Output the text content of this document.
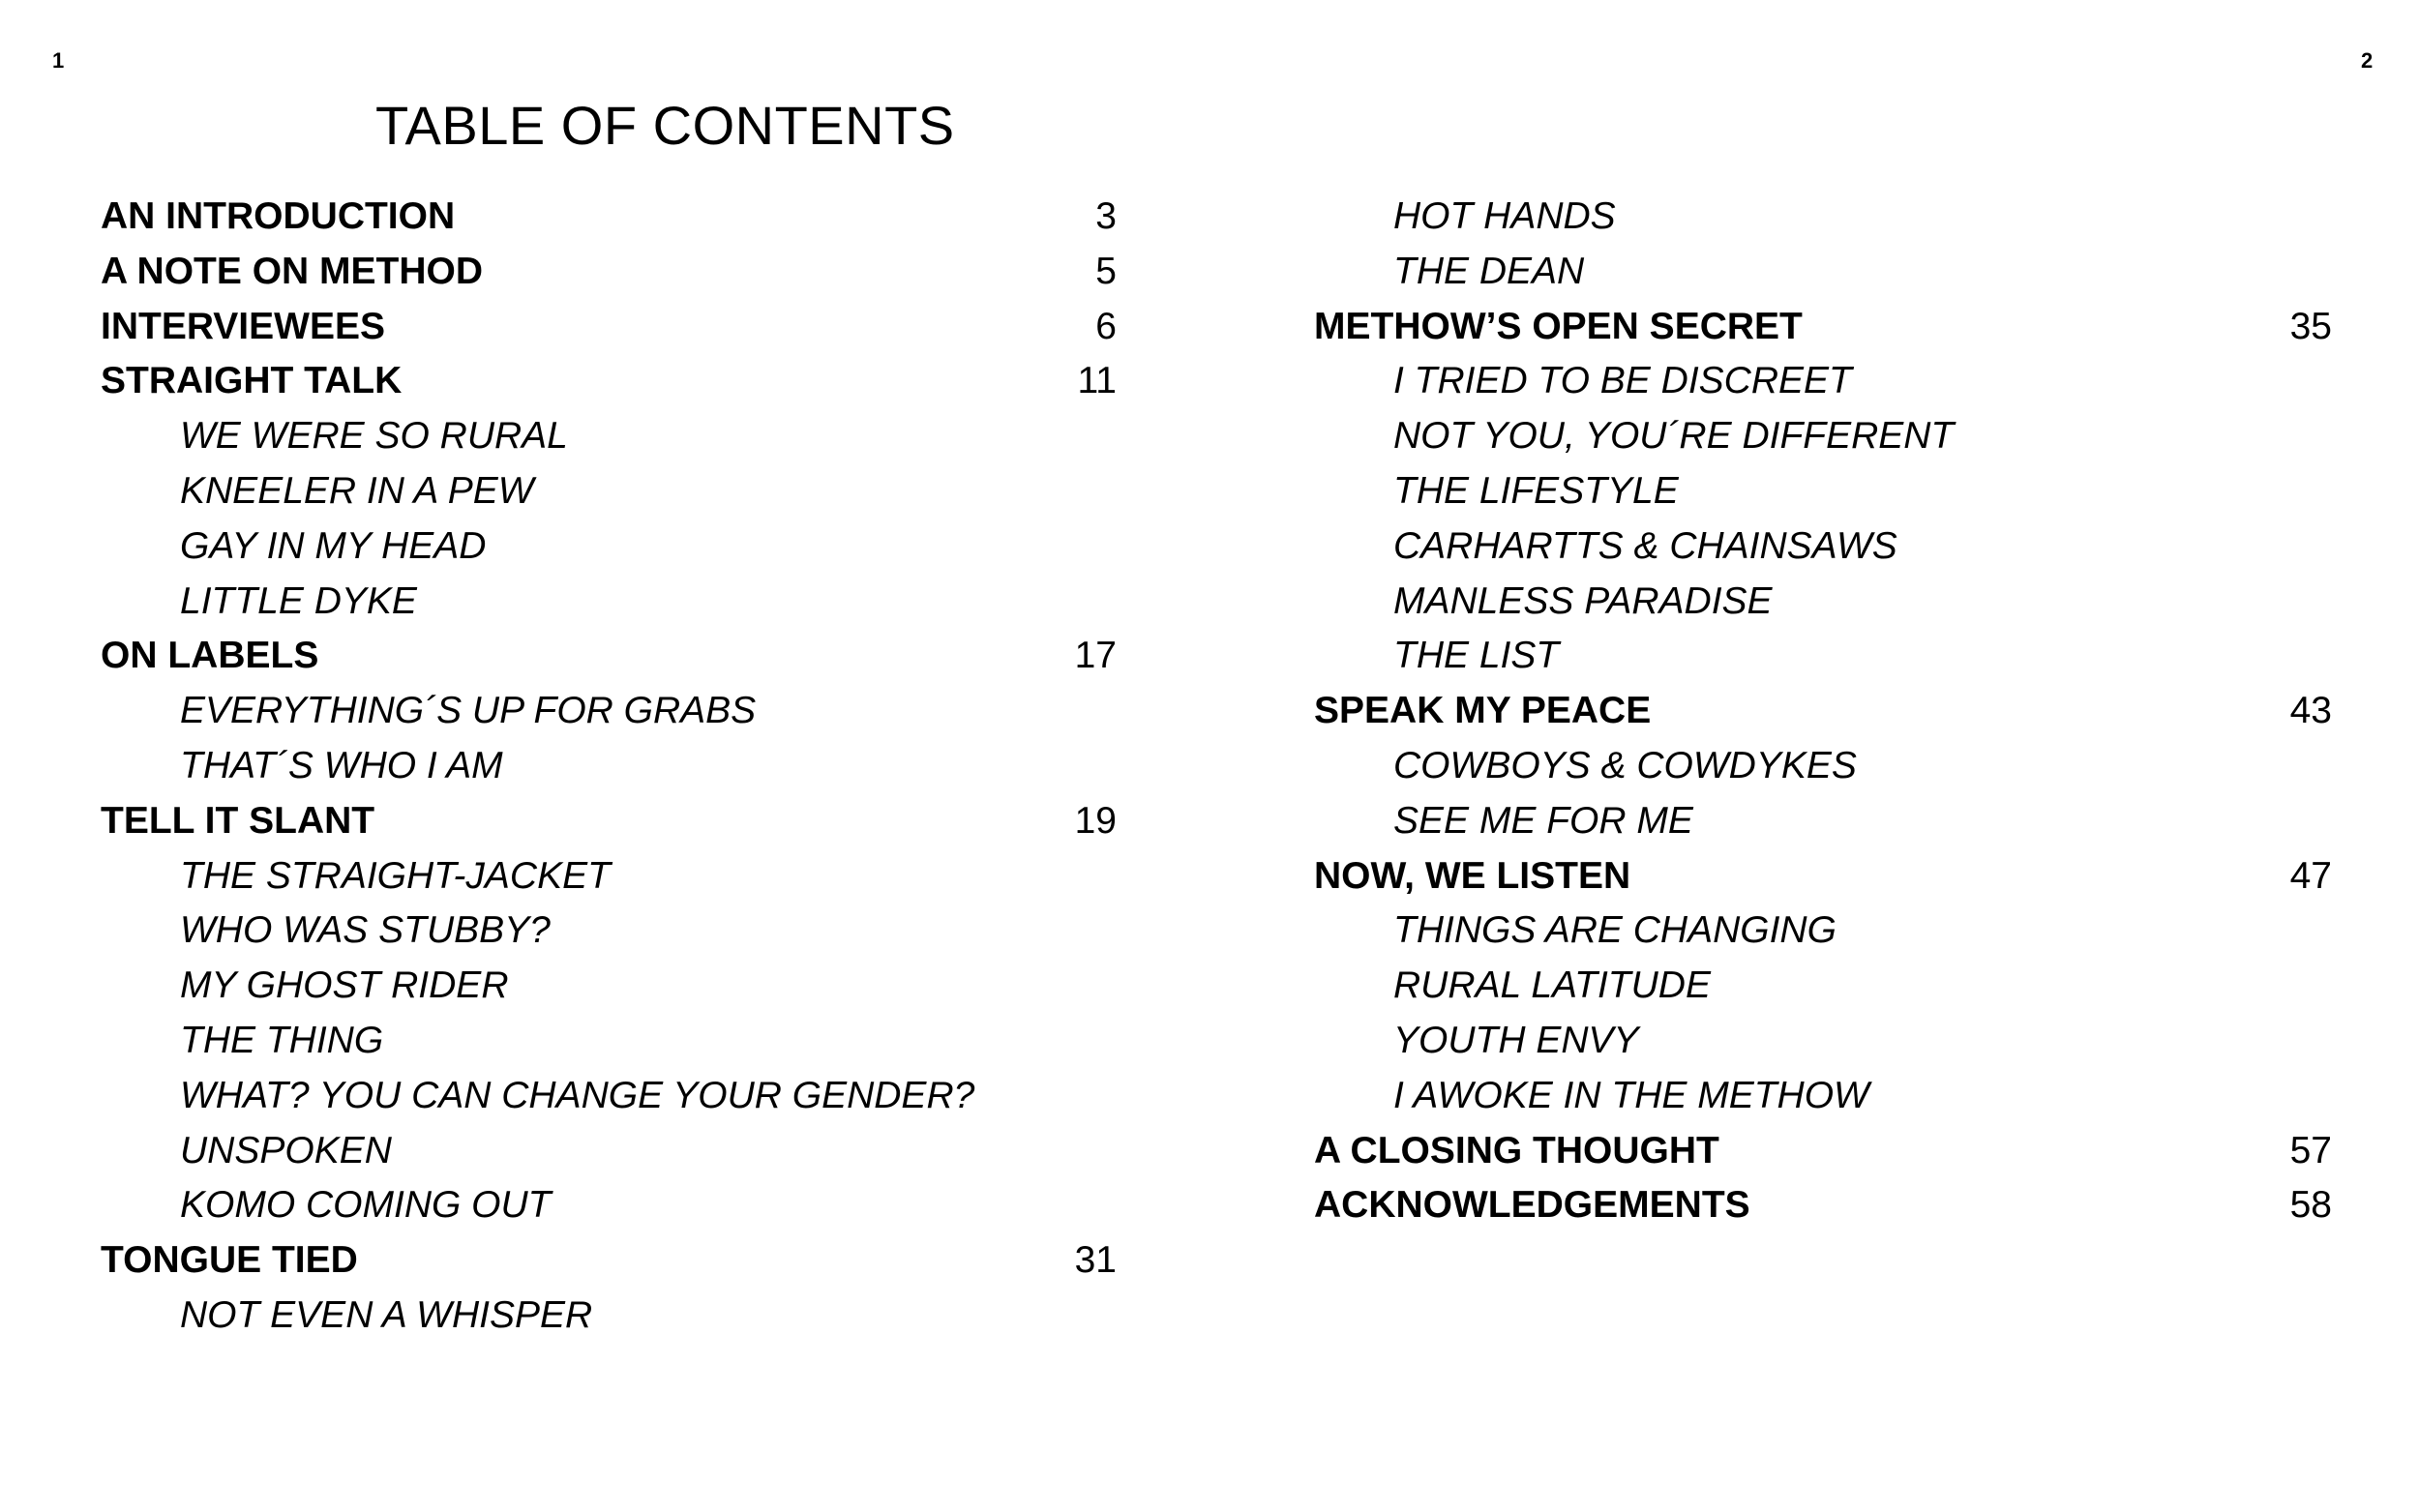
1	2
TABLE OF CONTENTS
AN INTRODUCTION	3
A NOTE ON METHOD	5
INTERVIEWEES	6
STRAIGHT TALK	11
WE WERE SO RURAL
KNEELER IN A PEW
GAY IN MY HEAD
LITTLE DYKE
ON LABELS	17
EVERYTHING´S UP FOR GRABS
THAT´S WHO I AM
TELL IT SLANT	19
THE STRAIGHT-JACKET
WHO WAS STUBBY?
MY GHOST RIDER
THE THING
WHAT? YOU CAN CHANGE YOUR GENDER?
UNSPOKEN
KOMO COMING OUT
TONGUE TIED	31
NOT EVEN A WHISPER
HOT HANDS
THE DEAN
METHOW’S OPEN SECRET	35
I TRIED TO BE DISCREET
NOT YOU, YOU´RE DIFFERENT
THE LIFESTYLE
CARHARTTS & CHAINSAWS
MANLESS PARADISE
THE LIST
SPEAK MY PEACE	43
COWBOYS & COWDYKES
SEE ME FOR ME
NOW, WE LISTEN	47
THINGS ARE CHANGING
RURAL LATITUDE
YOUTH ENVY
I AWOKE IN THE METHOW
A CLOSING THOUGHT	57
ACKNOWLEDGEMENTS	58
